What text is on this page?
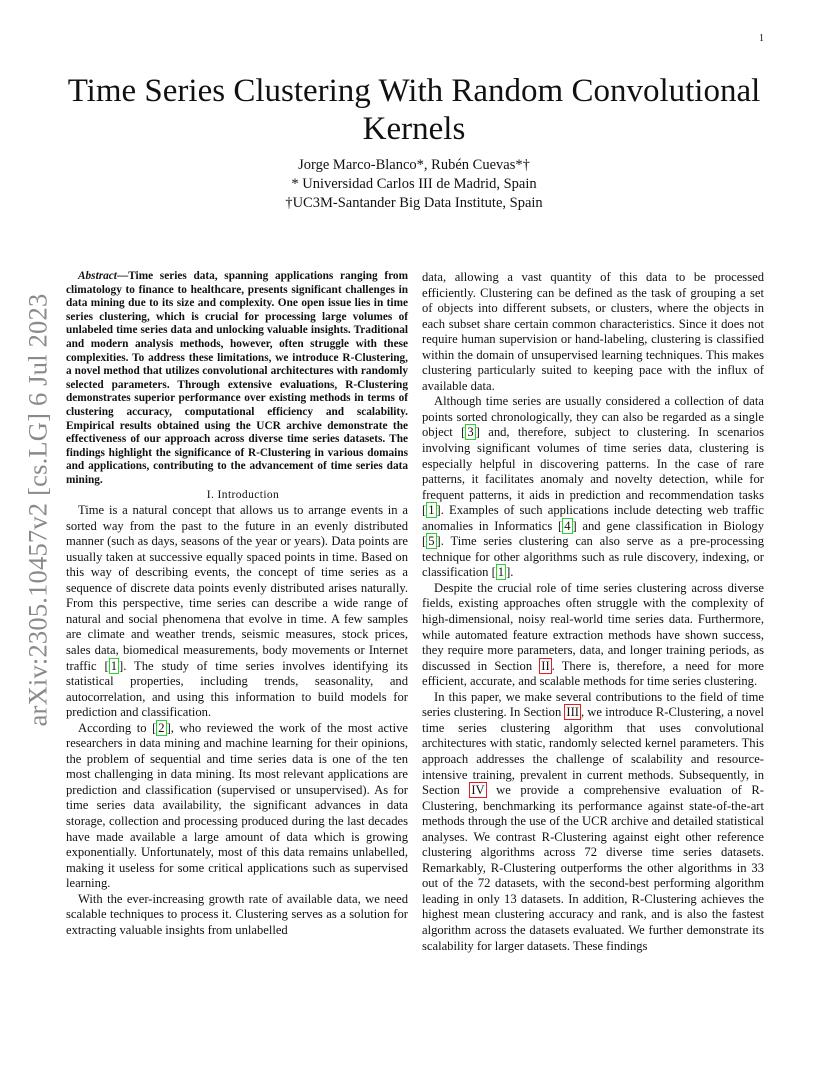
1
arXiv:2305.10457v2 [cs.LG] 6 Jul 2023
Time Series Clustering With Random Convolutional Kernels
Jorge Marco-Blanco*, Rubén Cuevas*†
* Universidad Carlos III de Madrid, Spain
†UC3M-Santander Big Data Institute, Spain

Abstract—Time series data, spanning applications ranging from climatology to finance to healthcare, presents significant challenges in data mining due to its size and complexity. One open issue lies in time series clustering, which is crucial for processing large volumes of unlabeled time series data and unlocking valuable insights. Traditional and modern analysis methods, however, often struggle with these complexities. To address these limitations, we introduce R-Clustering, a novel method that utilizes convolutional architectures with randomly selected parameters. Through extensive evaluations, R-Clustering demonstrates superior performance over existing methods in terms of clustering accuracy, computational efficiency and scalability. Empirical results obtained using the UCR archive demonstrate the effectiveness of our approach across diverse time series datasets. The findings highlight the significance of R-Clustering in various domains and applications, contributing to the advancement of time series data mining.

I. Introduction

Time is a natural concept that allows us to arrange events in a sorted way from the past to the future in an evenly distributed manner (such as days, seasons of the year or years). Data points are usually taken at successive equally spaced points in time. Based on this way of describing events, the concept of time series as a sequence of discrete data points evenly distributed arises naturally. From this perspective, time series can describe a wide range of natural and social phenomena that evolve in time. A few samples are climate and weather trends, seismic measures, stock prices, sales data, biomedical measurements, body movements or Internet traffic [ 1 ]. The study of time series involves identifying its statistical properties, including trends, seasonality, and autocorrelation, and using this information to build models for prediction and classification.

According to [ 2 ], who reviewed the work of the most active researchers in data mining and machine learning for their opinions, the problem of sequential and time series data is one of the ten most challenging in data mining. Its most relevant applications are prediction and classification (supervised or unsupervised). As for time series data availability, the significant advances in data storage, collection and processing produced during the last decades have made available a large amount of data which is growing exponentially. Unfortunately, most of this data remains unlabelled, making it useless for some critical applications such as supervised learning.

With the ever-increasing growth rate of available data, we need scalable techniques to process it. Clustering serves as a solution for extracting valuable insights from unlabelled

data, allowing a vast quantity of this data to be processed efficiently. Clustering can be defined as the task of grouping a set of objects into different subsets, or clusters, where the objects in each subset share certain common characteristics. Since it does not require human supervision or hand-labeling, clustering is classified within the domain of unsupervised learning techniques. This makes clustering particularly suited to keeping pace with the influx of available data.

Although time series are usually considered a collection of data points sorted chronologically, they can also be regarded as a single object [ 3 ] and, therefore, subject to clustering. In scenarios involving significant volumes of time series data, clustering is especially helpful in discovering patterns. In the case of rare patterns, it facilitates anomaly and novelty detection, while for frequent patterns, it aids in prediction and recommendation tasks [ 1 ]. Examples of such applications include detecting web traffic anomalies in Informatics [ 4 ] and gene classification in Biology [ 5 ]. Time series clustering can also serve as a pre-processing technique for other algorithms such as rule discovery, indexing, or classification [ 1 ].

Despite the crucial role of time series clustering across diverse fields, existing approaches often struggle with the complexity of high-dimensional, noisy real-world time series data. Furthermore, while automated feature extraction methods have shown success, they require more parameters, data, and longer training periods, as discussed in Section II . There is, therefore, a need for more efficient, accurate, and scalable methods for time series clustering.

In this paper, we make several contributions to the field of time series clustering. In Section III , we introduce R-Clustering, a novel time series clustering algorithm that uses convolutional architectures with static, randomly selected kernel parameters. This approach addresses the challenge of scalability and resource-intensive training, prevalent in current methods. Subsequently, in Section IV we provide a comprehensive evaluation of R-Clustering, benchmarking its performance against state-of-the-art methods through the use of the UCR archive and detailed statistical analyses. We contrast R-Clustering against eight other reference clustering algorithms across 72 diverse time series datasets. Remarkably, R-Clustering outperforms the other algorithms in 33 out of the 72 datasets, with the second-best performing algorithm leading in only 13 datasets. In addition, R-Clustering achieves the highest mean clustering accuracy and rank, and is also the fastest algorithm across the datasets evaluated. We further demonstrate its scalability for larger datasets. These findings
